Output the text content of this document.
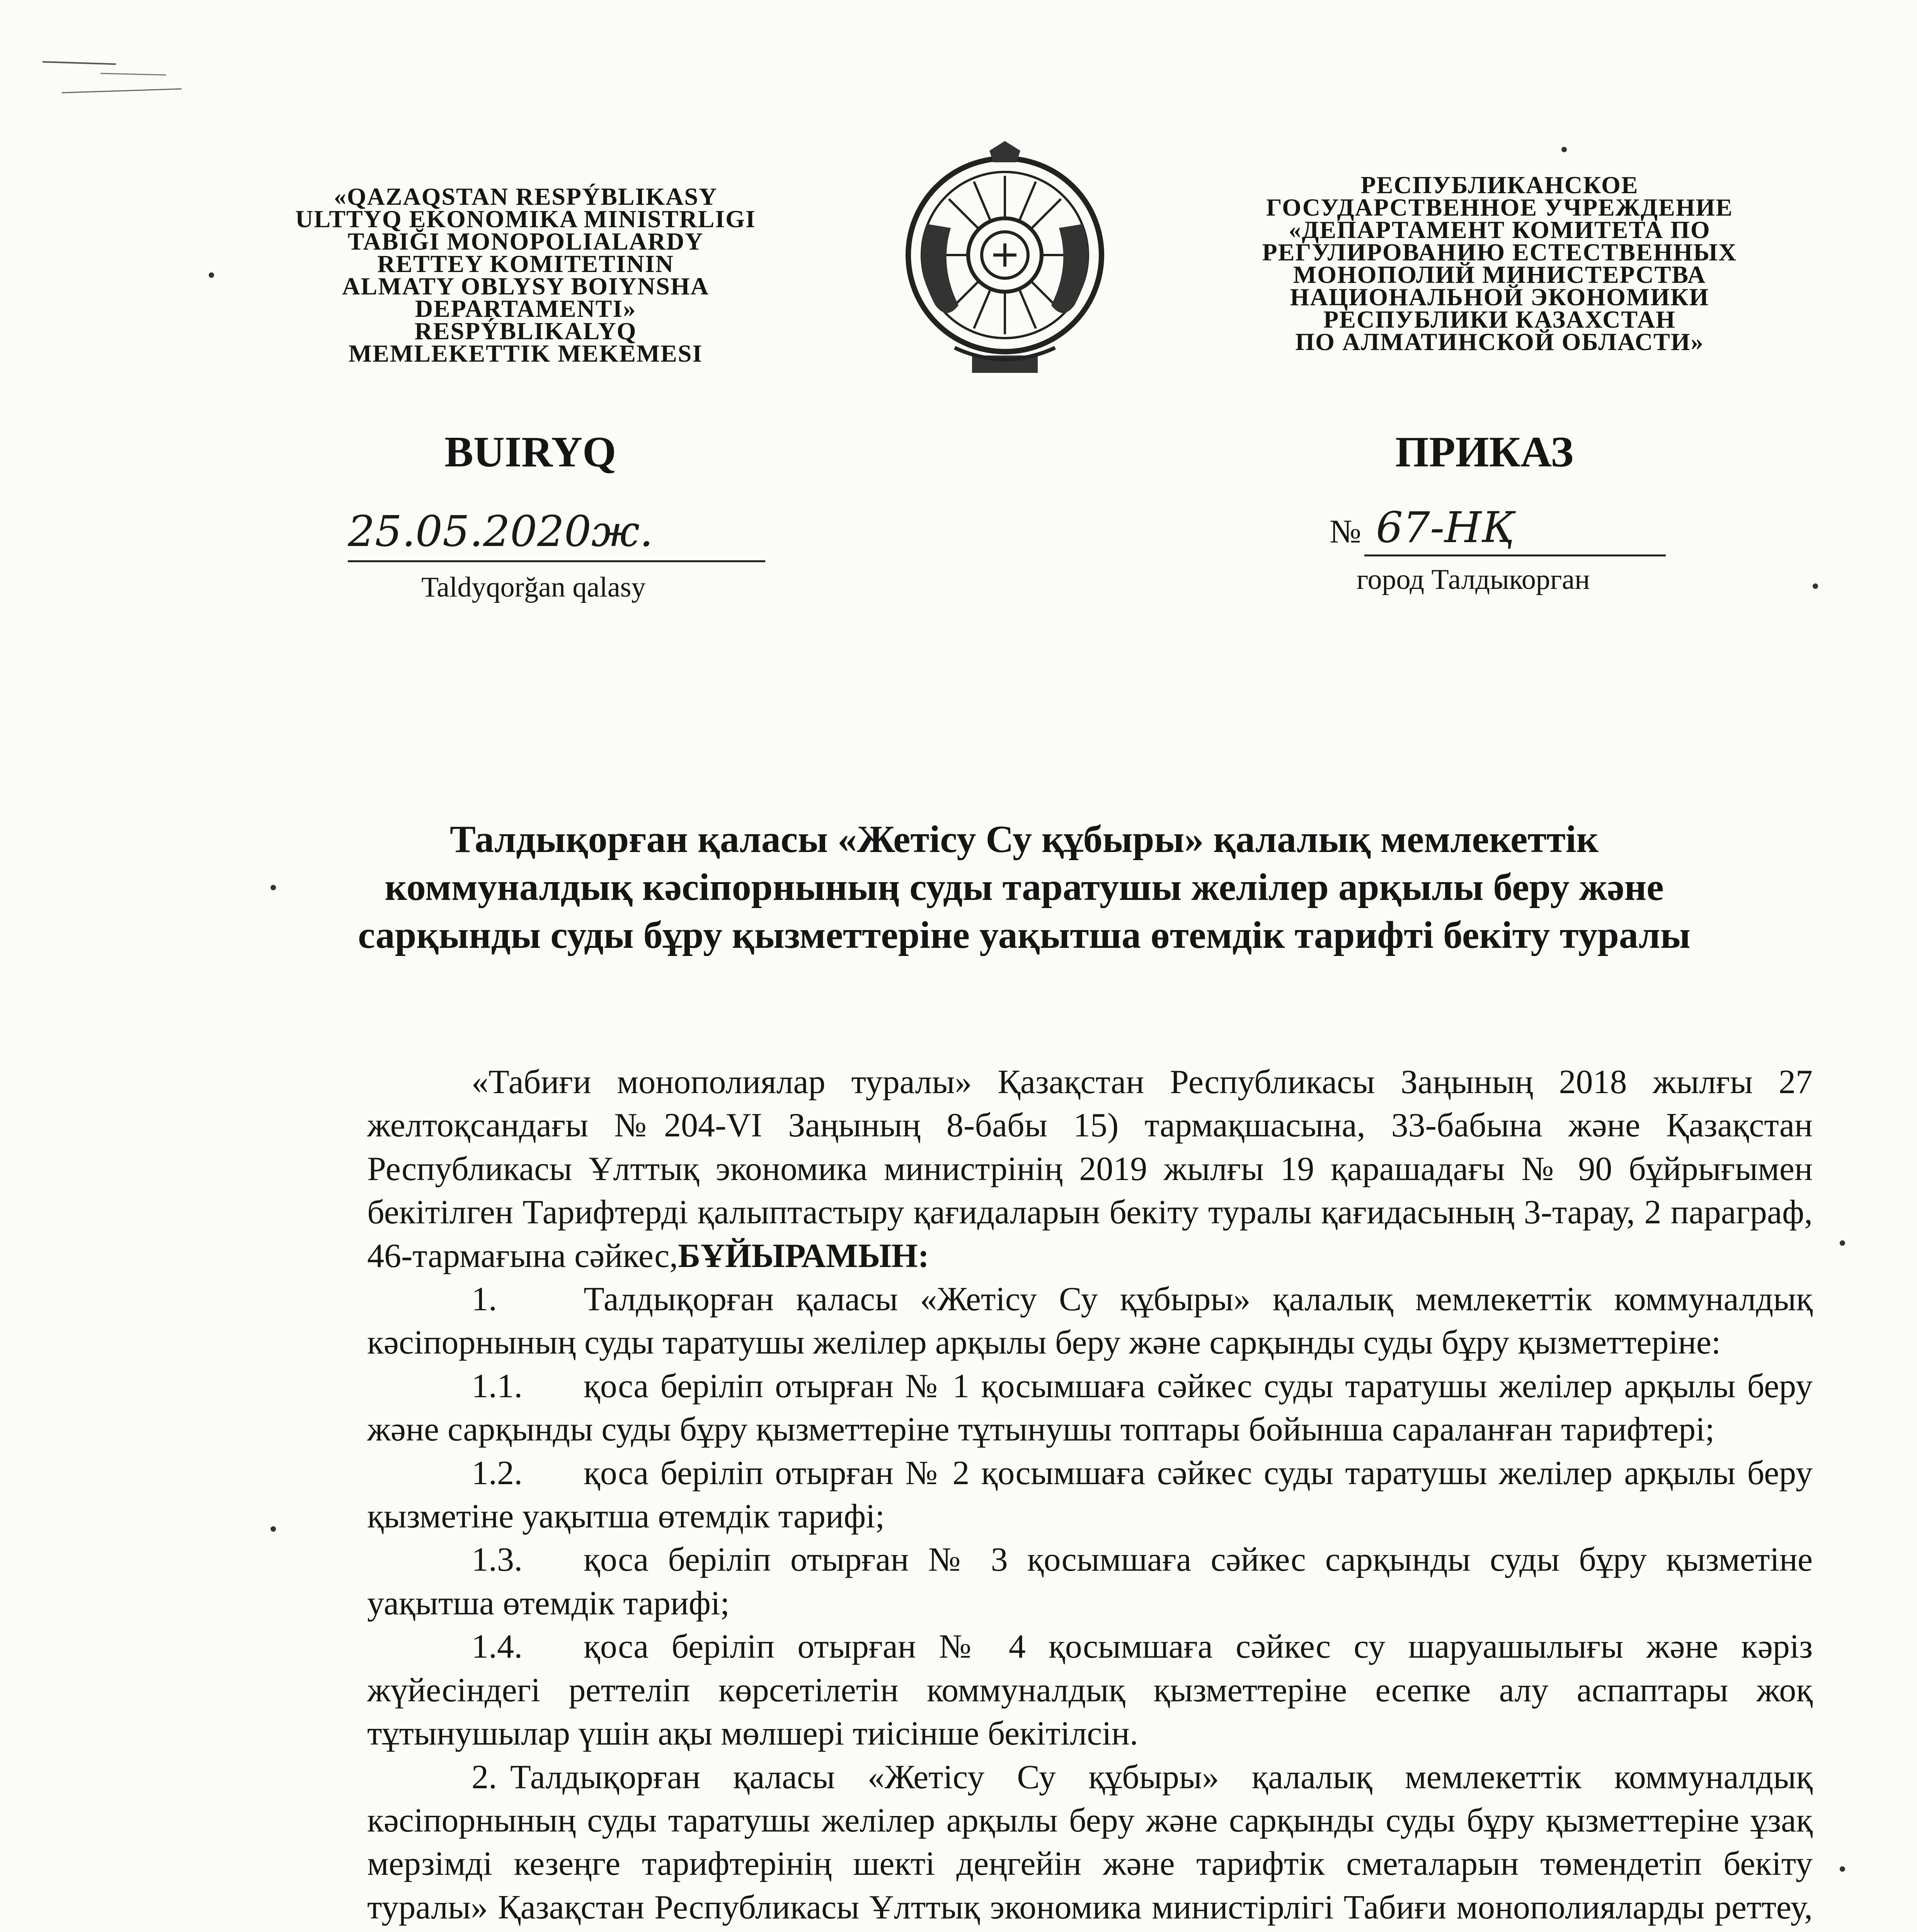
«QAZAQSTAN RESPÝBLIKASY
ULTTYQ EKONOMIKA MINISTRLIGI
TABIĞI MONOPOLIALARDY
RETTEY KOMITETININ
ALMATY OBLYSY BOIYNSHA
DEPARTAMENTI»
RESPÝBLIKALYQ
MEMLEKETTIK MEKEMESI
РЕСПУБЛИКАНСКОЕ
ГОСУДАРСТВЕННОЕ УЧРЕЖДЕНИЕ
«ДЕПАРТАМЕНТ КОМИТЕТА ПО
РЕГУЛИРОВАНИЮ ЕСТЕСТВЕННЫХ
МОНОПОЛИЙ МИНИСТЕРСТВА
НАЦИОНАЛЬНОЙ ЭКОНОМИКИ
РЕСПУБЛИКИ КАЗАХСТАН
ПО АЛМАТИНСКОЙ ОБЛАСТИ»
BUIRYQ	ПРИКАЗ
25.05.2020ж.
Taldyqorğan qalasy
№ 67-НҚ
город Талдыкорган
Талдықорған қаласы «Жетісу Су құбыры» қалалық мемлекеттік коммуналдық кәсіпорнының суды таратушы желілер арқылы беру және сарқынды суды бұру қызметтеріне уақытша өтемдік тарифті бекіту туралы

«Табиғи монополиялар туралы» Қазақстан Республикасы Заңының 2018 жылғы 27 желтоқсандағы №204-VI Заңының 8-бабы 15) тармақшасына, 33-бабына және Қазақстан Республикасы Ұлттық экономика министрінің 2019 жылғы 19 қарашадағы № 90 бұйрығымен бекітілген Тарифтерді қалыптастыру қағидаларын бекіту туралы қағидасының 3-тарау, 2 параграф, 46-тармағына сәйкес,БҰЙЫРАМЫН:

1.	Талдықорған қаласы «Жетісу Су құбыры» қалалық мемлекеттік коммуналдық кәсіпорнының суды таратушы желілер арқылы беру және сарқынды суды бұру қызметтеріне:

1.1. қоса беріліп отырған № 1 қосымшаға сәйкес суды таратушы желілер арқылы беру және сарқынды суды бұру қызметтеріне тұтынушы топтары бойынша сараланған тарифтері;

1.2. қоса беріліп отырған № 2 қосымшаға сәйкес суды таратушы желілер арқылы беру қызметіне уақытша өтемдік тарифі;

1.3. қоса беріліп отырған № 3 қосымшаға сәйкес сарқынды суды бұру қызметіне уақытша өтемдік тарифі;

1.4. қоса беріліп отырған № 4 қосымшаға сәйкес су шаруашылығы және кәріз жүйесіндегі реттеліп көрсетілетін коммуналдық қызметтеріне есепке алу аспаптары жоқ тұтынушылар үшін ақы мөлшері тиісінше бекітілсін.

2. Талдықорған қаласы «Жетісу Су құбыры» қалалық мемлекеттік коммуналдық кәсіпорнының суды таратушы желілер арқылы беру және сарқынды суды бұру қызметтеріне ұзақ мерзімді кезеңге тарифтерінің шекті деңгейін және тарифтік сметаларын төмендетіп бекіту туралы» Қазақстан Республикасы Ұлттық экономика министірлігі Табиғи монополияларды реттеу,
